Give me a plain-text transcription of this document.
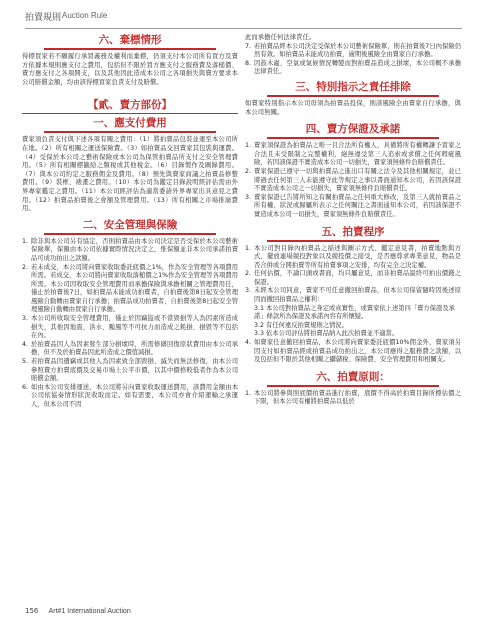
拍賣規則 Auction Rule
六、棄標情形

得標買家若不願履行承買義務及權利而棄標，仍須支付本公司所有買方及賣方依據本規則應支付之費用，包括但不限於買方應支付之服務費及落槌價、賣方應支付之各項開支，以及其他因此造成本公司之各項損失與賣方要求本公司賠償金額，均由該得標買家負責支付及賠償。

【貳、賣方部份】
一、應支付費用

賣家須負責支付與下述各項有關之費用：（1）將拍賣品包裝並運至本公司所在地。（2）所有相關之運送保險費。（3）如拍賣品交回賣家其包裝與運費。（4）受保於本公司之藝術保險或本公司為保管拍賣品所支付之安全管理費用。（5）所有相關標籤給之類稅或其他稅金。（6）目錄製作及圖錄費用。（7）與本公司約定之服務佣金及費用。（8）預先與賣家商議之拍賣品修整費用。（9）裝框、裱畫之費用。（10）本公司為鑑定目錄說明經評估需由外界專家鑑定之費用。（11）本公司經評估為適當委請外界專家出具意見之費用。（12）拍賣品拍賣後之會額及管理費用。（13）所有相關之市場推廣費用。

二、安全管理與保險
1. 除非與本公司另有協定，否則拍賣品由本公司決定是否受保於本公司藝術保險單，保額由本公司依據實際情況決定之，惟保額並非本公司承諾拍賣品可成功拍出之款額。
2. 若未成交，本公司將向賣家收取委託底價之1%，作為安全管理等各項費用所需。若成交，本公司將向賣家收取落槌價之1%作為安全管理等各項費用所需。本公司因收取安全管理費用而承擔保險與承擔相關之管理費用任，僅止於拍賣後7日，如拍賣品未能成功拍賣者，自拍賣後第8日起安全管理風險自動轉由賣家自行承擔；拍賣品成功拍賣者，自拍賣後第8日起安全管理風險自動轉由買家自行承擔。
3. 本公司所收取安全管理費用，僅止於因竊盜或不當毀損等人為因素所造成損失，其他因地震、洪水、颱風等不可抗力而造成之耗損、損毀等不包括在內。
4. 於拍賣品因人為因素發生部分損壞時，所需修繕回復原狀費用由本公司承擔，但不及於拍賣品因此所造成之價值減損。
5. 若拍賣品因遺竊或其他人為因素致全部毀損、滅失而無法修復，由本公司參照賣方拍賣底價及交易市場上公平市價，以其中價格較低者作為本公司賠償金額。
6. 如由本公司安排運送，本公司將另向賣家收取運送費用，該費用金額由本公司依協奏情形狀況收取而定。如有需要，本公司亦會介紹運輸之承運人，但本公司不因

此而承擔任何法律責任。

7. 若拍賣品經本公司決定受保於本公司藝術保險單，則在拍賣後7日內保險仍然有效。如拍賣品未能成功拍賣，逾期後風險全由賣家自行承擔。
8. 因鼓木蟲、空氣或氣候情況轉變而對拍賣品造成之損壞，本公司概不承擔法律責任。
三、特別指示之責任排除

如賣家特別指示本公司毋須為拍賣品投保，則該風險全由賣家自行承擔，與本公司無關。

四、賣方保證及承諾
1. 賣家須保證為拍賣品之唯一且合法所有權人，具備將所有權轉讓予買家之合法且未受限制之完整權利，絕無違受第三人追索或求償之任何瑕疵風險，若因該保證不實造成本公司一切損失，賣家須無條件負賠償責任。
2. 賣家保證已遵守一切與拍賣品之進出口有關之法令及其他相關規定，並已將過去任何第三人未能遵守此等規定之事以書面通知本公司，若因該保證不實造成本公司之一切損失，賣家須無條件負賠償責任。
3. 賣家保證已告將所知之有關拍賣品之任何重大修改，及第三人就拍賣品之所有權、狀況或歸屬所表示之任何關注之書面通知本公司，若因該保證不實造成本公司一切損失，賣家須無條件負賠償責任。
五、拍賣程序
1. 本公司對目錄內拍賣品之描述與圖示方式、鑑定意見書，拍賣地點與方式，擺放連場競投對象以及競投價之接受，是否應尊求專業意見，物品是否合併或分開拍賣等所有拍賣事項之安排，均有完全之決定權。
2. 任何估價，不論口頭或書面，均只屬意見，而非拍賣品最終可拍出價錢之保證。
3. 未經本公司同意，賣家不可任意撤回拍賣品，但本公司保留隨時因後述原因而撤回拍賣品之權利：
3.1 本公司對拍賣品之身定或真實性，或賣家依上述第四「賣方保證及承諾」條款所為保證及承諾內容有所懷疑。
3.2 有任何違反拍賣規則之情況。
3.3 依本公司評估將拍賣品納入此次拍賣並不適當。
4. 如賣家任意撤回拍賣品，本公司將向賣家委託底價10%佣金外，賣家須另因支付如拍賣品經或拍賣品成功拍出之，本公司應得之服務費之款額，以及包括但不限於其他相關之攝儲稅、保險費、安全管理費用和相關支。
六、拍賣原則：
1. 本公司將參與照底價拍賣品進行拍賣，底價不得高於拍賣目錄所標估價之下限，但本公司有權將拍賣品以低於
156 Art#1 International Auction
